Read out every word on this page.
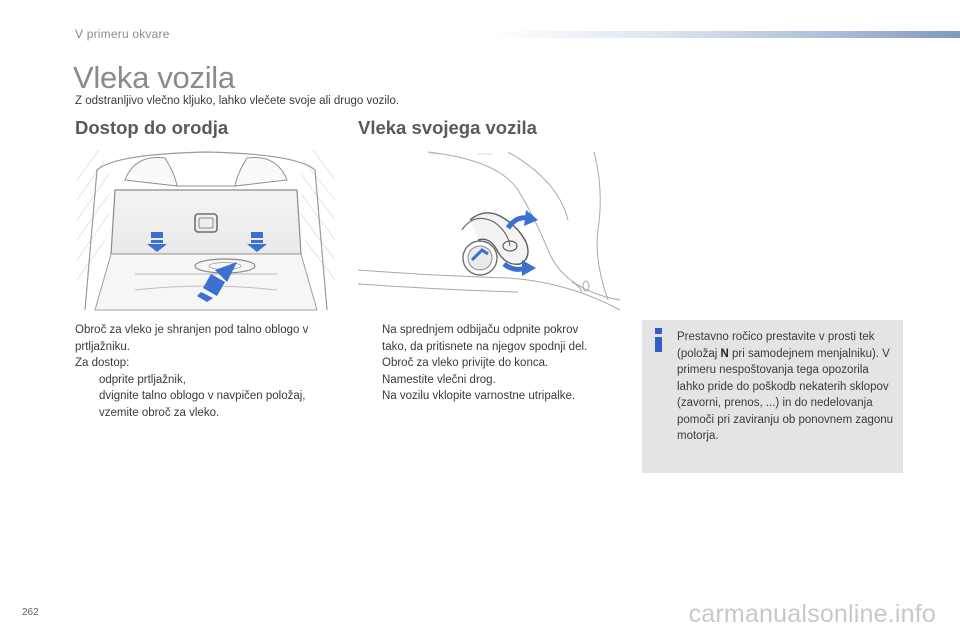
V primeru okvare
Vleka vozila
Z odstranljivo vlečno kljuko, lahko vlečete svoje ali drugo vozilo.
Dostop do orodja	Vleka svojega vozila
Obroč za vleko je shranjen pod talno oblogo v
prtljažniku.
Za dostop:
odprite prtljažnik,
dvignite talno oblogo v navpičen položaj,
vzemite obroč za vleko.
Na sprednjem odbijaču odpnite pokrov
tako, da pritisnete na njegov spodnji del.
Obroč za vleko privijte do konca.
Namestite vlečni drog.
Na vozilu vklopite varnostne utripalke.
Prestavno ročico prestavite v prosti tek (položaj N pri samodejnem menjalniku). V primeru nespoštovanja tega opozorila lahko pride do poškodb nekaterih sklopov (zavorni, prenos, ...) in do nedelovanja pomoči pri zaviranju ob ponovnem zagonu motorja.
262	carmanualsonline.info
